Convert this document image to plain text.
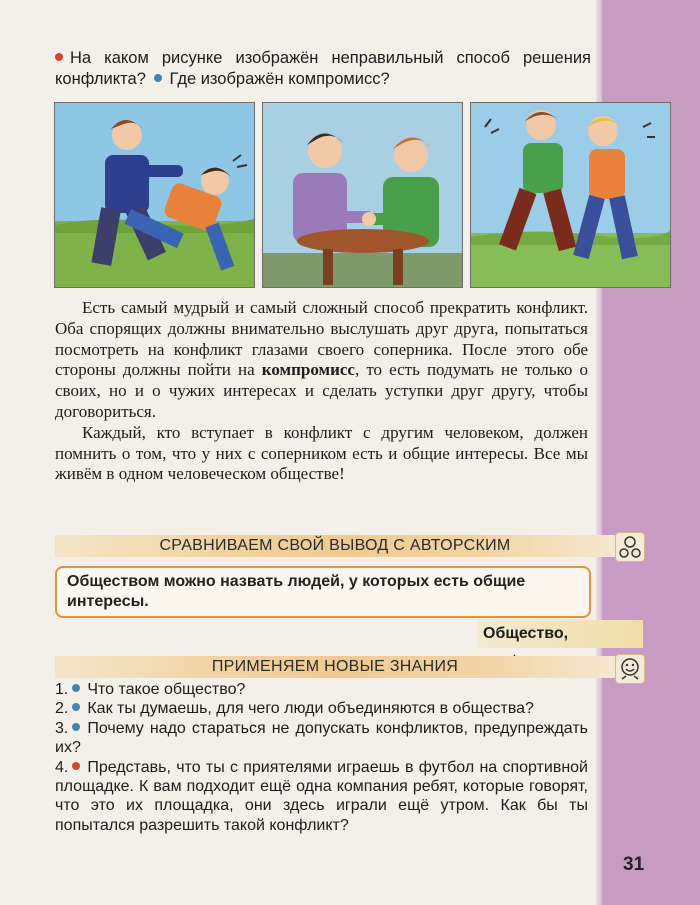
На каком рисунке изображён неправильный способ решения конфликта? Где изображён компромисс?

Есть самый мудрый и самый сложный способ прекратить конфликт. Оба спорящих должны внимательно выслушать друг друга, попытаться посмотреть на конфликт глазами своего соперника. После этого обе стороны должны пойти на компромисс, то есть подумать не только о своих, но и о чужих интересах и сделать уступки друг другу, чтобы договориться.

Каждый, кто вступает в конфликт с другим человеком, должен помнить о том, что у них с соперником есть и общие интересы. Все мы живём в одном человеческом обществе!

СРАВНИВАЕМ СВОЙ ВЫВОД С АВТОРСКИМ
Обществом можно назвать людей, у которых есть общие интересы.
Общество,
ПРИМЕНЯЕМ НОВЫЕ ЗНАНИЯ

1. Что такое общество?

2. Как ты думаешь, для чего люди объединяются в общества?

3. Почему надо стараться не допускать конфликтов, предупреждать их?

4. Представь, что ты с приятелями играешь в футбол на спортивной площадке. К вам подходит ещё одна компания ребят, которые говорят, что это их площадка, они здесь играли ещё утром. Как бы ты попытался разрешить такой конфликт?

31
